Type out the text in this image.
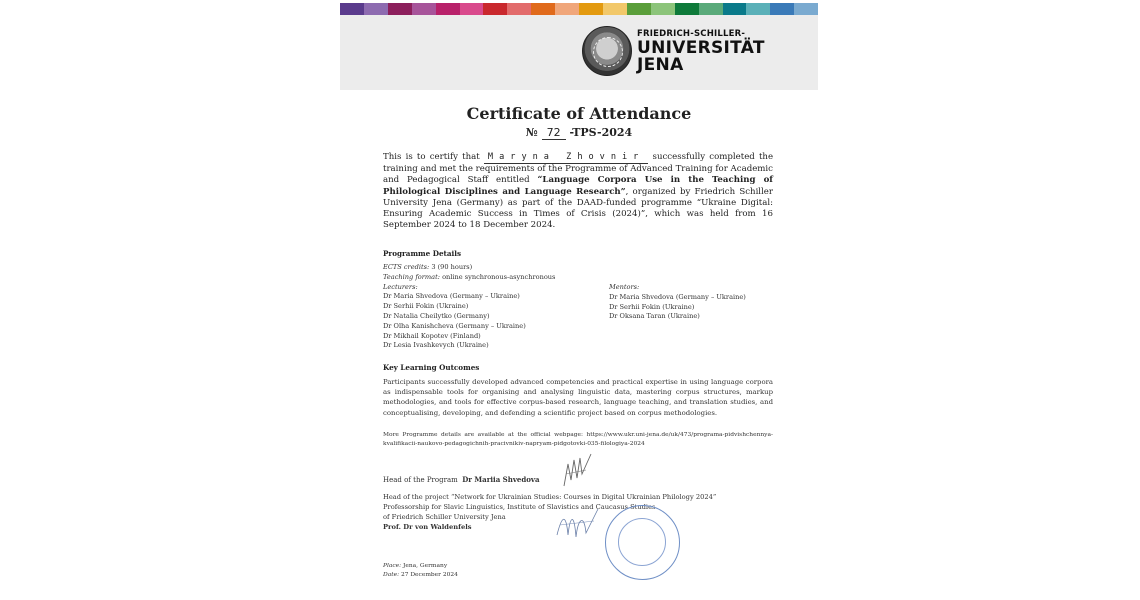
FRIEDRICH-SCHILLER-
UNIVERSITÄT
JENA
Certificate of Attendance
№ 72 -TPS-2024
This is to certify that Maryna Zhovnir successfully completed the training and met the requirements of the Programme of Advanced Training for Academic and Pedagogical Staff entitled “Language Corpora Use in the Teaching of Philological Disciplines and Language Research”, organized by Friedrich Schiller University Jena (Germany) as part of the DAAD-funded programme “Ukraine Digital: Ensuring Academic Success in Times of Crisis (2024)”, which was held from 16 September 2024 to 18 December 2024.
Programme Details
ECTS credits: 3 (90 hours)
Teaching format: online synchronous-asynchronous
Lecturers:
Dr Maria Shvedova (Germany – Ukraine)
Dr Serhii Fokin (Ukraine)
Dr Natalia Cheilytko (Germany)
Dr Olha Kanishcheva (Germany – Ukraine)
Dr Mikhail Kopotev (Finland)
Dr Lesia Ivashkevych (Ukraine)
Mentors:
Dr Maria Shvedova (Germany – Ukraine)
Dr Serhii Fokin (Ukraine)
Dr Oksana Taran (Ukraine)
Key Learning Outcomes
Participants successfully developed advanced competencies and practical expertise in using language corpora as indispensable tools for organising and analysing linguistic data, mastering corpus structures, markup methodologies, and tools for effective corpus-based research, language teaching, and translation studies, and conceptualising, developing, and defending a scientific project based on corpus methodologies.
More Programme details are available at the official webpage: https://www.ukr.uni-jena.de/uk/473/programa-pidvishchennya-kvalifikacii-naukovo-pedagogichnih-pracivnikiv-napryam-pidgotovki-035-filologiya-2024
Head of the Program Dr Mariia Shvedova
Head of the project “Network for Ukrainian Studies: Courses in Digital Ukrainian Philology 2024”
Professorship for Slavic Linguistics, Institute of Slavistics and Caucasus Studies
of Friedrich Schiller University Jena
Prof. Dr von Waldenfels
Place: Jena, Germany
Date: 27 December 2024
